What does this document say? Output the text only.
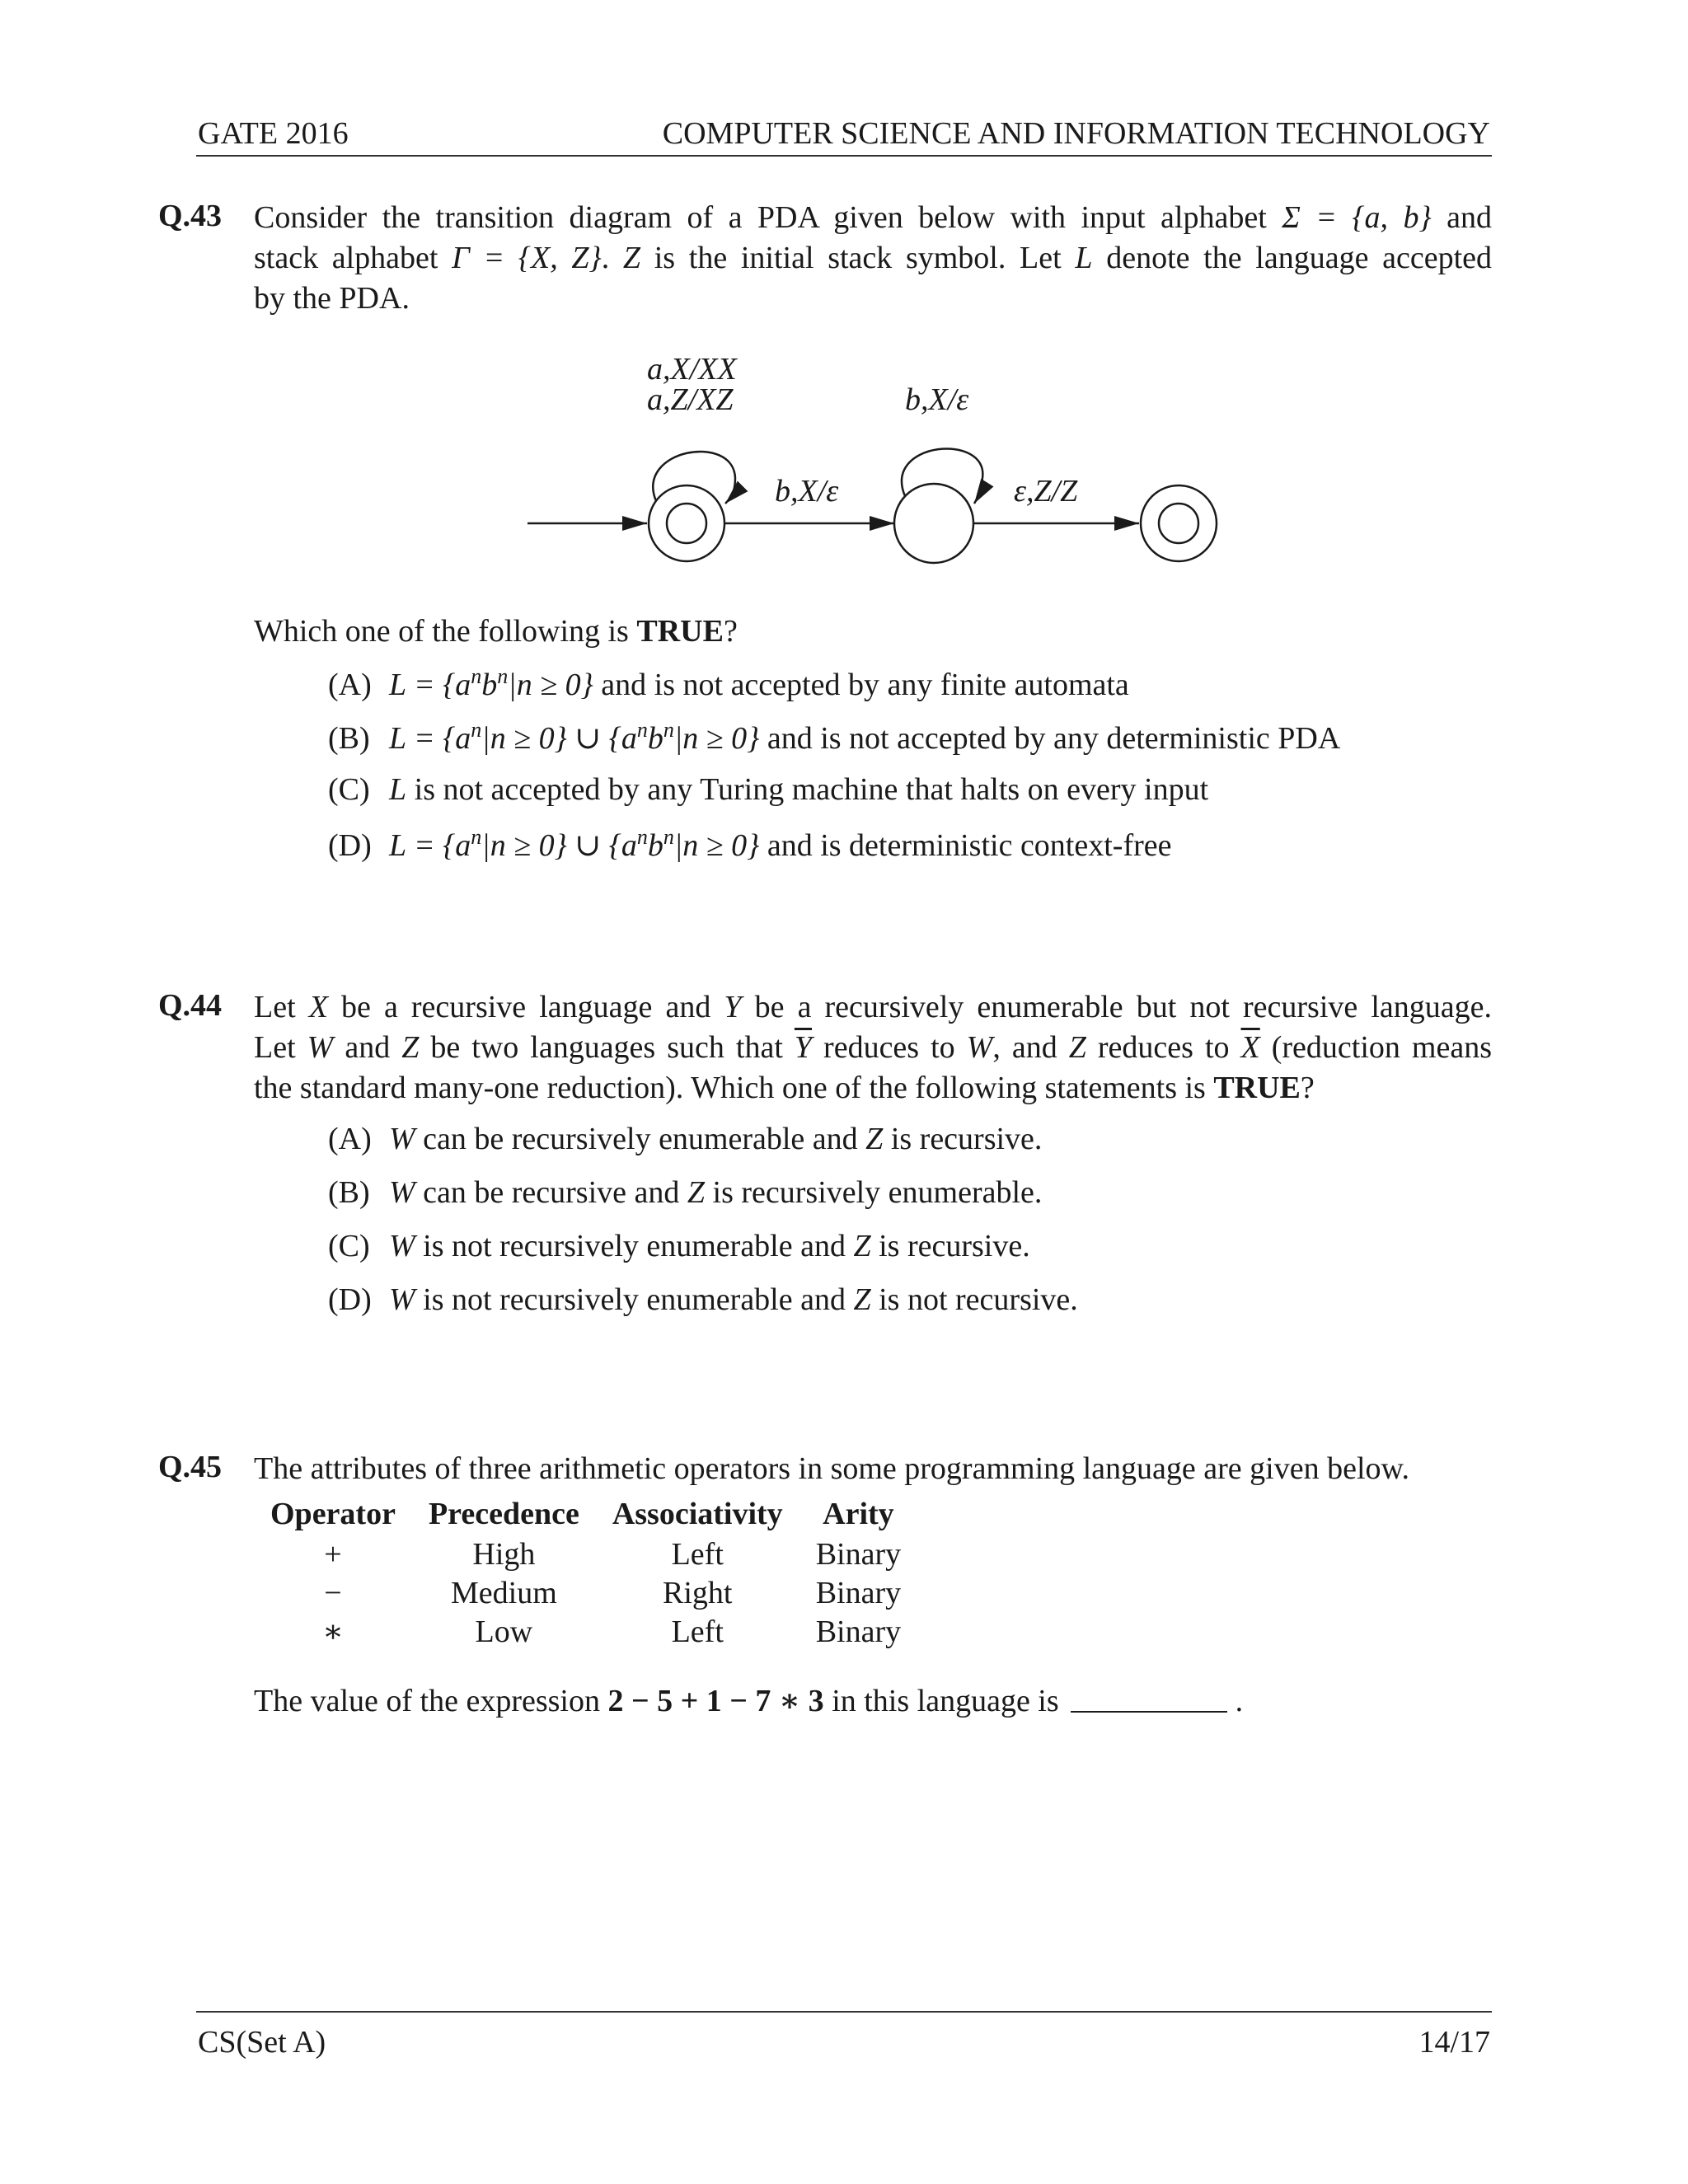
GATE 2016	COMPUTER SCIENCE AND INFORMATION TECHNOLOGY
Q.43 Consider the transition diagram of a PDA given below with input alphabet Σ = {a, b} and
stack alphabet Γ = {X, Z}. Z is the initial stack symbol. Let L denote the language accepted
by the PDA.
a,X/XX
a,Z/XZ
b,X/ε
b,X/ε
ε,Z/Z
Which one of the following is TRUE?
(A) $L = \{a^nb^n|n \ge 0\}$ and is not accepted by any finite automata
(B) $L = \{a^n|n \ge 0\}$ ∪ $\{a^nb^n|n \ge 0\}$ and is not accepted by any deterministic PDA
(C) L is not accepted by any Turing machine that halts on every input
(D) $L = \{a^n|n \ge 0\}$ ∪ $\{a^nb^n|n \ge 0\}$ and is deterministic context-free
Q.44 Let X be a recursive language and Y be a recursively enumerable but not recursive language.
Let W and Z be two languages such that $\overline{Y}$ reduces to W, and Z reduces to $\overline{X}$ (reduction means
the standard many-one reduction). Which one of the following statements is TRUE?
(A) W can be recursively enumerable and Z is recursive.
(B) W can be recursive and Z is recursively enumerable.
(C) W is not recursively enumerable and Z is recursive.
(D) W is not recursively enumerable and Z is not recursive.
Q.45 The attributes of three arithmetic operators in some programming language are given below.
Operator	Precedence	Associativity	Arity
+	High	Left	Binary
−	Medium	Right	Binary
∗	Low	Left	Binary
The value of the expression 2 − 5 + 1 − 7 ∗ 3 in this language is	.
CS(Set A)	14/17
